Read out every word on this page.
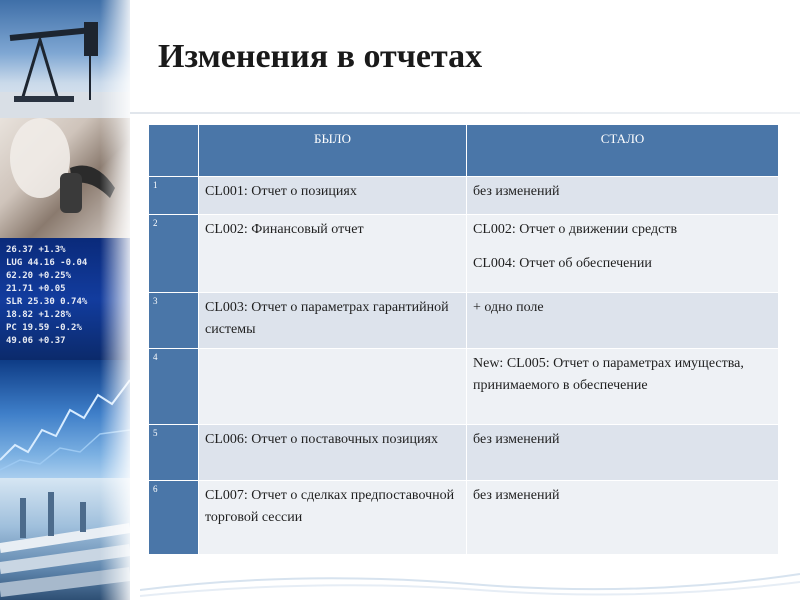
26.37 +1.3%
LUG 44.16 -0.04
62.20 +0.25%
21.71 +0.05
SLR 25.30 0.74%
18.82 +1.28%
PC 19.59 -0.2%
49.06 +0.37
Изменения в отчетах
	БЫЛО	СТАЛО
1	CL001: Отчет о позициях	без изменений

2	CL002: Финансовый отчет	CL002: Отчет о движении средств
CL004: Отчет об обеспечении

3	CL003: Отчет о параметрах гарантийной системы	+ одно поле

4		New: CL005: Отчет о параметрах имущества, принимаемого в обеспечение

5	CL006: Отчет о поставочных позициях	без изменений

6	CL007: Отчет о сделках предпоставочной торговой сессии	без изменений
